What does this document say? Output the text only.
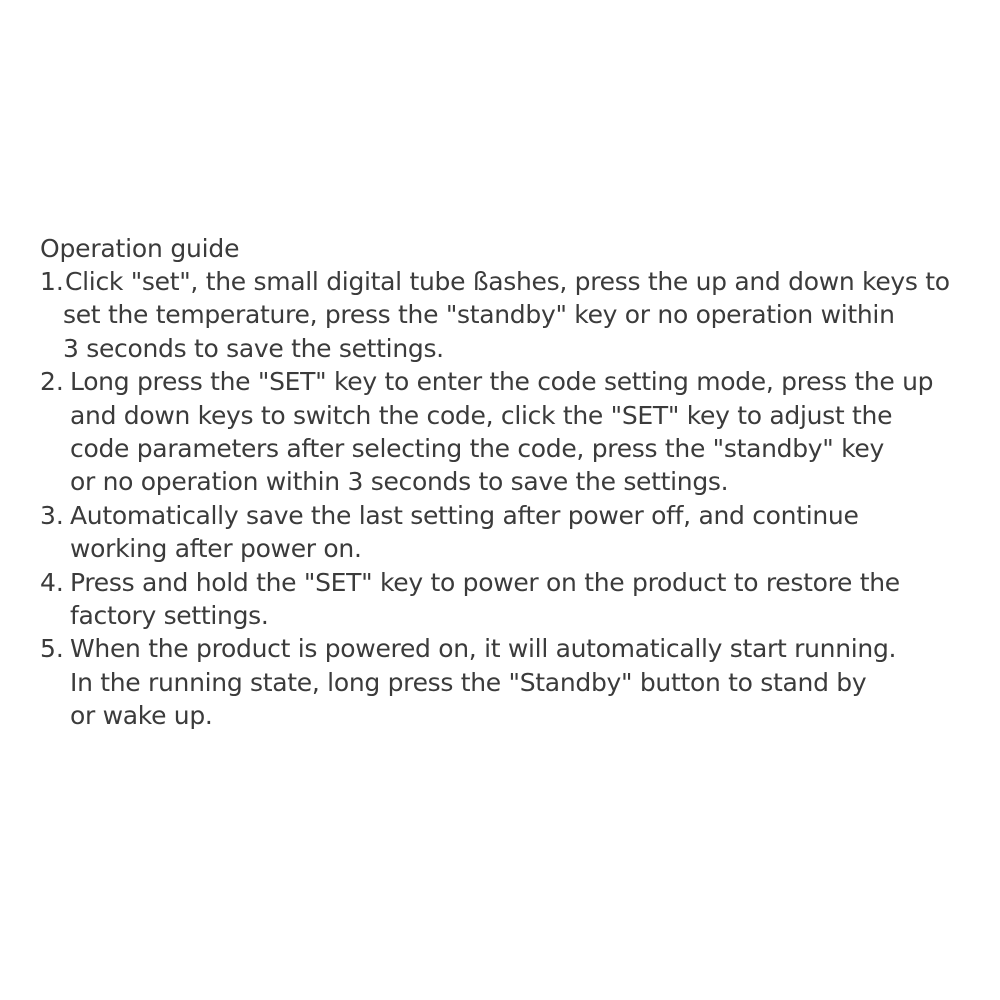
Operation guide
1. Click "set", the small digital tube ßashes, press the up and down keys to
set the temperature, press the "standby" key or no operation within
3 seconds to save the settings.
2. Long press the "SET" key to enter the code setting mode, press the up
and down keys to switch the code, click the "SET" key to adjust the
code parameters after selecting the code, press the "standby" key
or no operation within 3 seconds to save the settings.
3. Automatically save the last setting after power off, and continue
working after power on.
4. Press and hold the "SET" key to power on the product to restore the
factory settings.
5. When the product is powered on, it will automatically start running.
In the running state, long press the "Standby" button to stand by
or wake up.
